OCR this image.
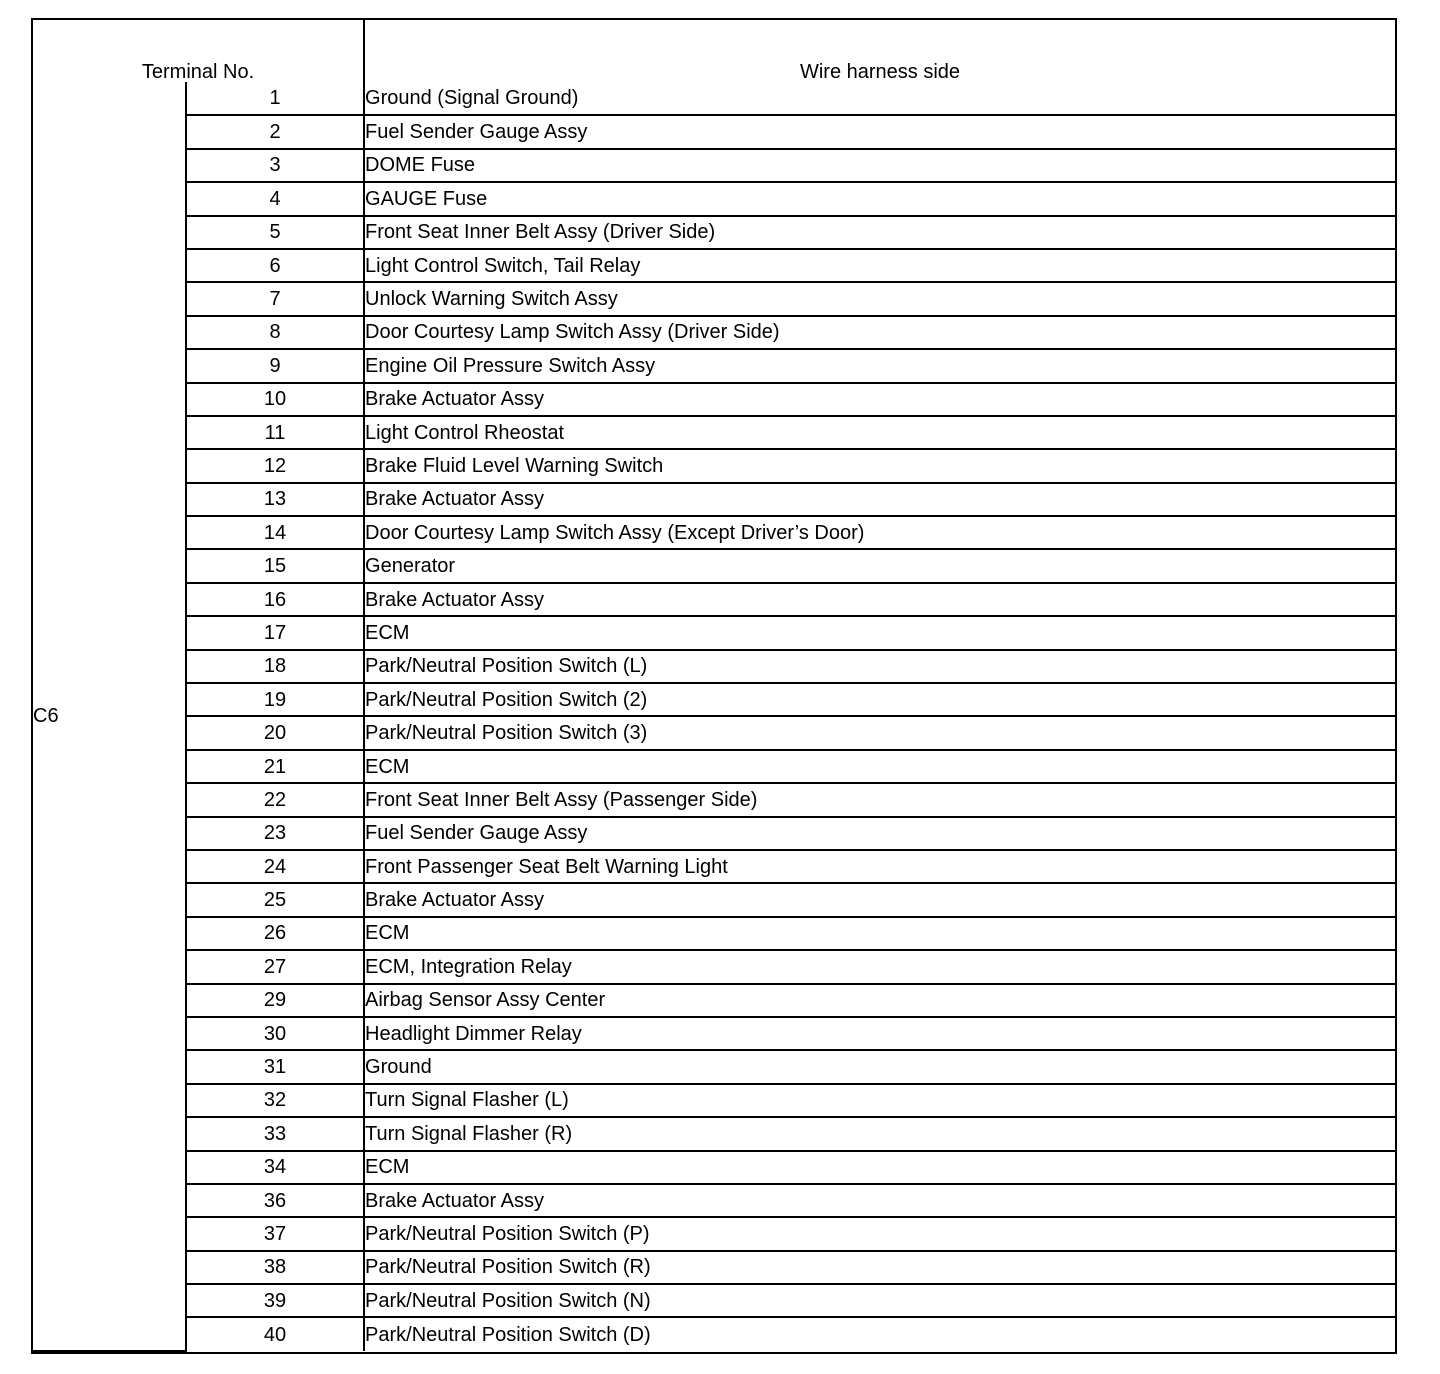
Terminal No.		Wire harness side
C6	1	Ground (Signal Ground)
	2	Fuel Sender Gauge Assy
	3	DOME Fuse
	4	GAUGE Fuse
	5	Front Seat Inner Belt Assy (Driver Side)
	6	Light Control Switch, Tail Relay
	7	Unlock Warning Switch Assy
	8	Door Courtesy Lamp Switch Assy (Driver Side)
	9	Engine Oil Pressure Switch Assy
	10	Brake Actuator Assy
	11	Light Control Rheostat
	12	Brake Fluid Level Warning Switch
	13	Brake Actuator Assy
	14	Door Courtesy Lamp Switch Assy (Except Driver’s Door)
	15	Generator
	16	Brake Actuator Assy
	17	ECM
	18	Park/Neutral Position Switch (L)
	19	Park/Neutral Position Switch (2)
	20	Park/Neutral Position Switch (3)
	21	ECM
	22	Front Seat Inner Belt Assy (Passenger Side)
	23	Fuel Sender Gauge Assy
	24	Front Passenger Seat Belt Warning Light
	25	Brake Actuator Assy
	26	ECM
	27	ECM, Integration Relay
	29	Airbag Sensor Assy Center
	30	Headlight Dimmer Relay
	31	Ground
	32	Turn Signal Flasher (L)
	33	Turn Signal Flasher (R)
	34	ECM
	36	Brake Actuator Assy
	37	Park/Neutral Position Switch (P)
	38	Park/Neutral Position Switch (R)
	39	Park/Neutral Position Switch (N)
	40	Park/Neutral Position Switch (D)
